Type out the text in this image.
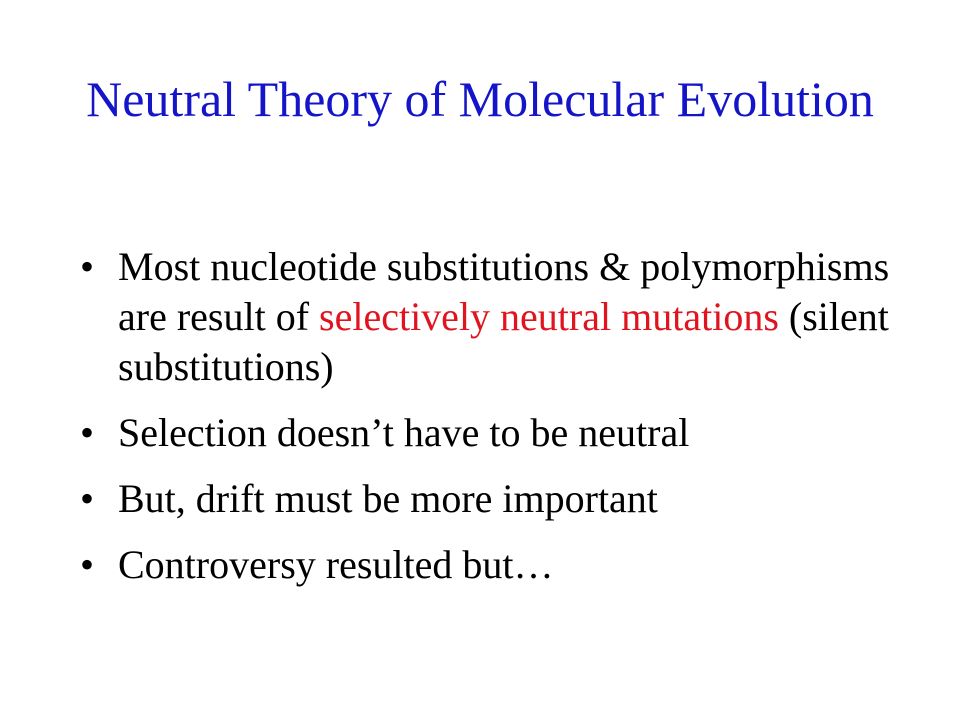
Neutral Theory of Molecular Evolution
• Most nucleotide substitutions & polymorphisms are result of selectively neutral mutations (silent substitutions)
• Selection doesn’t have to be neutral
• But, drift must be more important
• Controversy resulted but…
